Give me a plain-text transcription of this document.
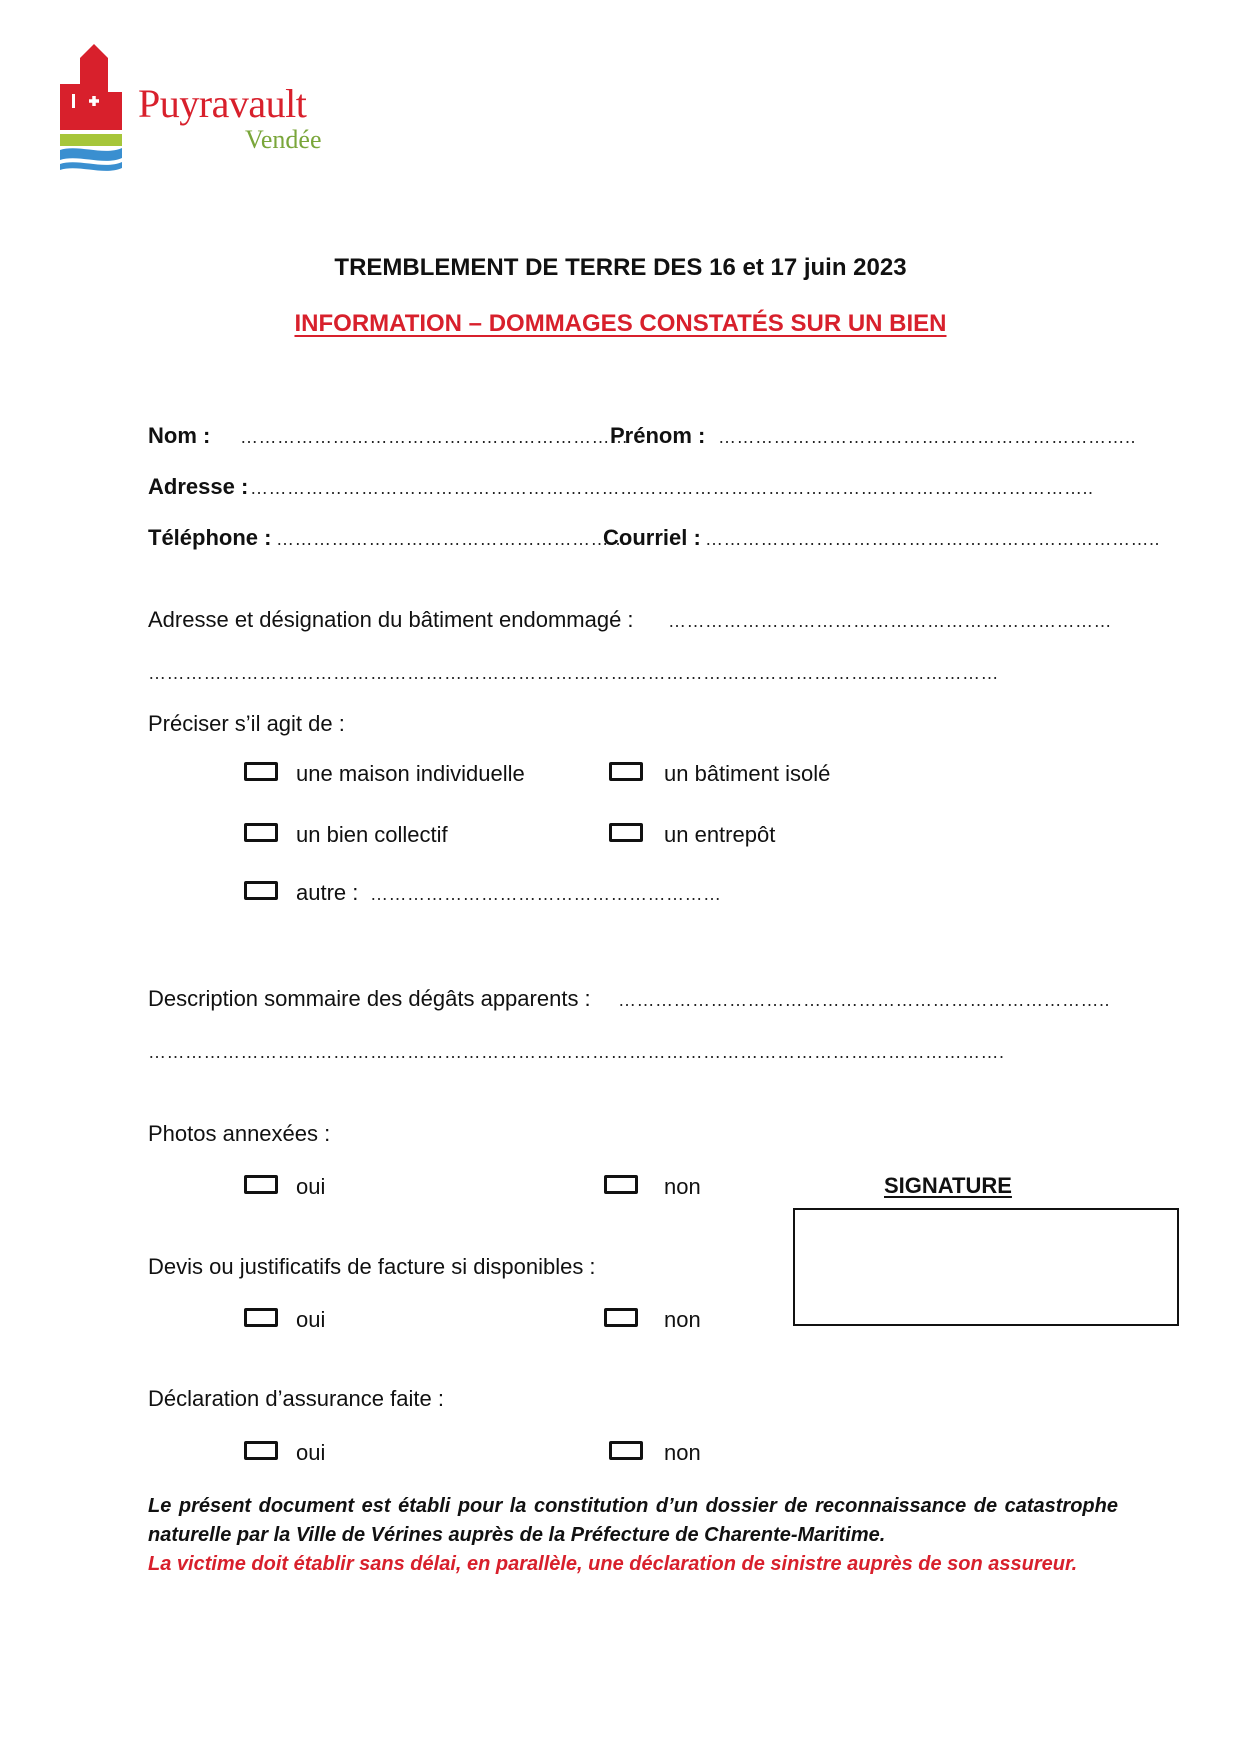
Puyravault
Vendée
TREMBLEMENT DE TERRE DES 16 et 17 juin 2023
INFORMATION – DOMMAGES CONSTATÉS SUR UN BIEN
Nom : ………………………………………………………
Prénom : …………………………………………………………..
Adresse : ………………………………………………………………………………………………………………………..
Téléphone : …………………………………………………
Courriel : ………………………………………………………………..
Adresse et désignation du bâtiment endommagé : ………………………………………………………………
…………………………………………………………………………………………………………………………
Préciser s’il agit de :
une maison individuelle	un bâtiment isolé
un bien collectif	un entrepôt
autre : …………………………………………………
Description sommaire des dégâts apparents : ……………………………………………………………………..
………………………………………………………………………………………………………………………….
Photos annexées :
oui	non	SIGNATURE
Devis ou justificatifs de facture si disponibles :
oui	non
Déclaration d’assurance faite :
oui	non
Le présent document est établi pour la constitution d’un dossier de reconnaissance de catastrophe naturelle par la Ville de Vérines auprès de la Préfecture de Charente-Maritime.
La victime doit établir sans délai, en parallèle, une déclaration de sinistre auprès de son assureur.
